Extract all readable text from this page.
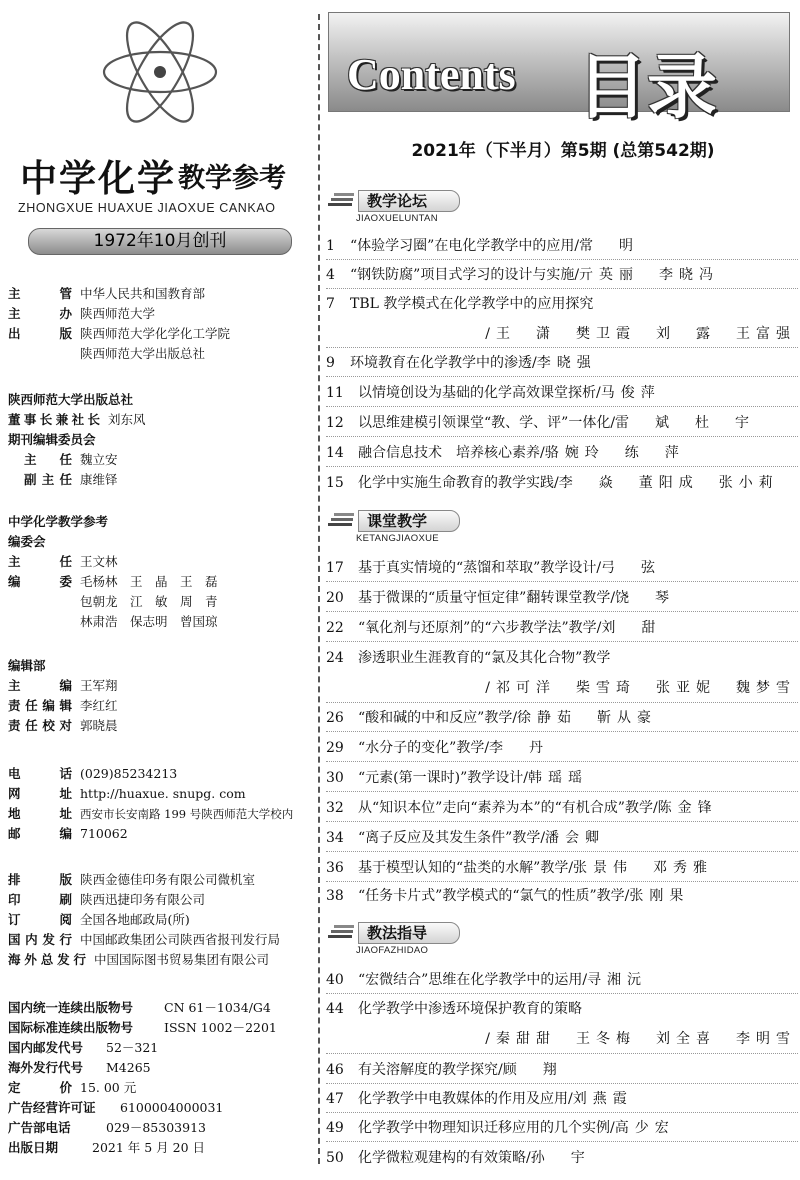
中学化学 教学参考
ZHONGXUE HUAXUE JIAOXUE CANKAO
1972年10月创刊
主　管 中华人民共和国教育部
主　办 陕西师范大学
出　版 陕西师范大学化学化工学院
陕西师范大学出版总社
陕西师范大学出版总社
董事长兼社长 刘东风
期刊编辑委员会
主　任 魏立安
副主任 康维铎
中学化学教学参考
编委会
主　任 王文林
编　委 毛杨林　王　晶　王　磊
包朝龙　江　敏　周　青
林肃浩　保志明　曾国琼
编辑部
主　编 王军翔
责任编辑 李红红
责任校对 郭晓晨
电　话 (029)85234213
网　址 http://huaxue. snupg. com
地　址 西安市长安南路 199 号陕西师范大学校内
邮　编 710062
排　版 陕西金德佳印务有限公司微机室
印　刷 陕西迅捷印务有限公司
订　阅 全国各地邮政局(所)
国内发行 中国邮政集团公司陕西省报刊发行局
海外总发行 中国国际图书贸易集团有限公司
国内统一连续出版物号	CN 61－1034/G4
国际标准连续出版物号	ISSN 1002－2201
国内邮发代号	52－321
海外发行代号	M4265
定　价 15. 00 元
广告经营许可证	6100004000031
广告部电话	029－85303913
出版日期	2021 年 5 月 20 日
Contents 目录
2021年（下半月）第5期 (总第542期)
教学论坛
JIAOXUELUNTAN
1 “体验学习圈”在电化学教学中的应用/常　明
4 “钢铁防腐”项目式学习的设计与实施/亓英丽　李晓冯
7 TBL 教学模式在化学教学中的应用探究
/王　潇　樊卫霞　刘　露　王富强
9 环境教育在化学教学中的渗透/李晓强
11 以情境创设为基础的化学高效课堂探析/马俊萍
12 以思维建模引领课堂“教、学、评”一体化/雷　斌　杜　宇
14 融合信息技术　培养核心素养/骆婉玲　练　萍
15 化学中实施生命教育的教学实践/李　焱　董阳成　张小莉
课堂教学
KETANGJIAOXUE
17 基于真实情境的“蒸馏和萃取”教学设计/弓　弦
20 基于微课的“质量守恒定律”翻转课堂教学/饶　琴
22 “氧化剂与还原剂”的“六步教学法”教学/刘　甜
24 渗透职业生涯教育的“氯及其化合物”教学
/祁可洋　柴雪琦　张亚妮　魏梦雪
26 “酸和碱的中和反应”教学/徐静茹　靳从豪
29 “水分子的变化”教学/李　丹
30 “元素(第一课时)”教学设计/韩瑶瑶
32 从“知识本位”走向“素养为本”的“有机合成”教学/陈金锋
34 “离子反应及其发生条件”教学/潘会卿
36 基于模型认知的“盐类的水解”教学/张景伟　邓秀雅
38 “任务卡片式”教学模式的“氯气的性质”教学/张刚果
教法指导
JIAOFAZHIDAO
40 “宏微结合”思维在化学教学中的运用/寻湘沅
44 化学教学中渗透环境保护教育的策略
/秦甜甜　王冬梅　刘全喜　李明雪
46 有关溶解度的教学探究/顾　翔
47 化学教学中电教媒体的作用及应用/刘燕霞
49 化学教学中物理知识迁移应用的几个实例/高少宏
50 化学微粒观建构的有效策略/孙　宇
